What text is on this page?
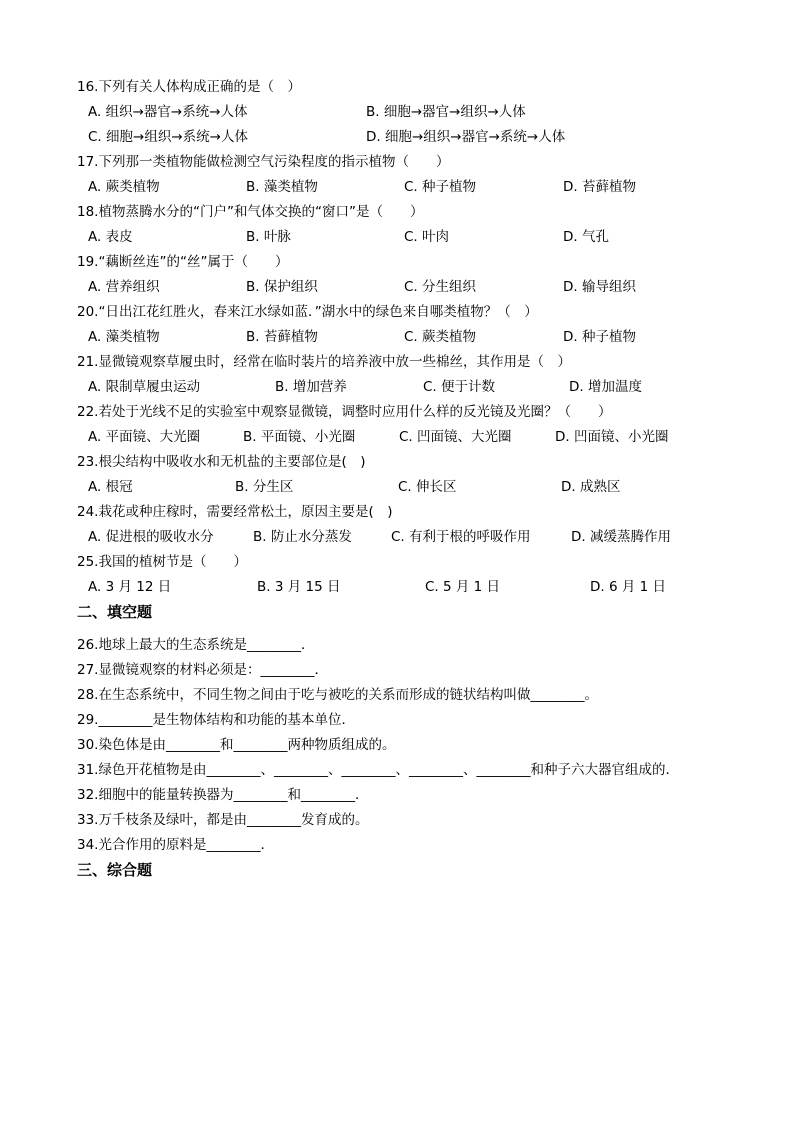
16.下列有关人体构成正确的是（　）
A. 组织→器官→系统→人体	B. 细胞→器官→组织→人体
C. 细胞→组织→系统→人体	D. 细胞→组织→器官→系统→人体
17.下列那一类植物能做检测空气污染程度的指示植物（　　）
A. 蕨类植物	B. 藻类植物	C. 种子植物	D. 苔藓植物
18.植物蒸腾水分的“门户”和气体交换的“窗口”是（　　）
A. 表皮	B. 叶脉	C. 叶肉	D. 气孔
19.“藕断丝连”的“丝”属于（　　）
A. 营养组织	B. 保护组织	C. 分生组织	D. 输导组织
20.“日出江花红胜火，春来江水绿如蓝．”湖水中的绿色来自哪类植物？（　）
A. 藻类植物	B. 苔藓植物	C. 蕨类植物	D. 种子植物
21.显微镜观察草履虫时，经常在临时装片的培养液中放一些棉丝，其作用是（　）
A. 限制草履虫运动	B. 增加营养	C. 便于计数	D. 增加温度
22.若处于光线不足的实验室中观察显微镜，调整时应用什么样的反光镜及光圈？（　　）
A. 平面镜、大光圈	B. 平面镜、小光圈	C. 凹面镜、大光圈	D. 凹面镜、小光圈
23.根尖结构中吸收水和无机盐的主要部位是(　)
A. 根冠	B. 分生区	C. 伸长区	D. 成熟区
24.栽花或种庄稼时，需要经常松土，原因主要是(　)
A. 促进根的吸收水分	B. 防止水分蒸发	C. 有利于根的呼吸作用	D. 减缓蒸腾作用
25.我国的植树节是（　　）
A. 3 月 12 日	B. 3 月 15 日	C. 5 月 1 日	D. 6 月 1 日
二、填空题
26.地球上最大的生态系统是________．
27.显微镜观察的材料必须是：________．
28.在生态系统中，不同生物之间由于吃与被吃的关系而形成的链状结构叫做________。
29.________是生物体结构和功能的基本单位．
30.染色体是由________和________两种物质组成的。
31.绿色开花植物是由________、________、________、________、________和种子六大器官组成的．
32.细胞中的能量转换器为________和________．
33.万千枝条及绿叶，都是由________发育成的。
34.光合作用的原料是________．
三、综合题
